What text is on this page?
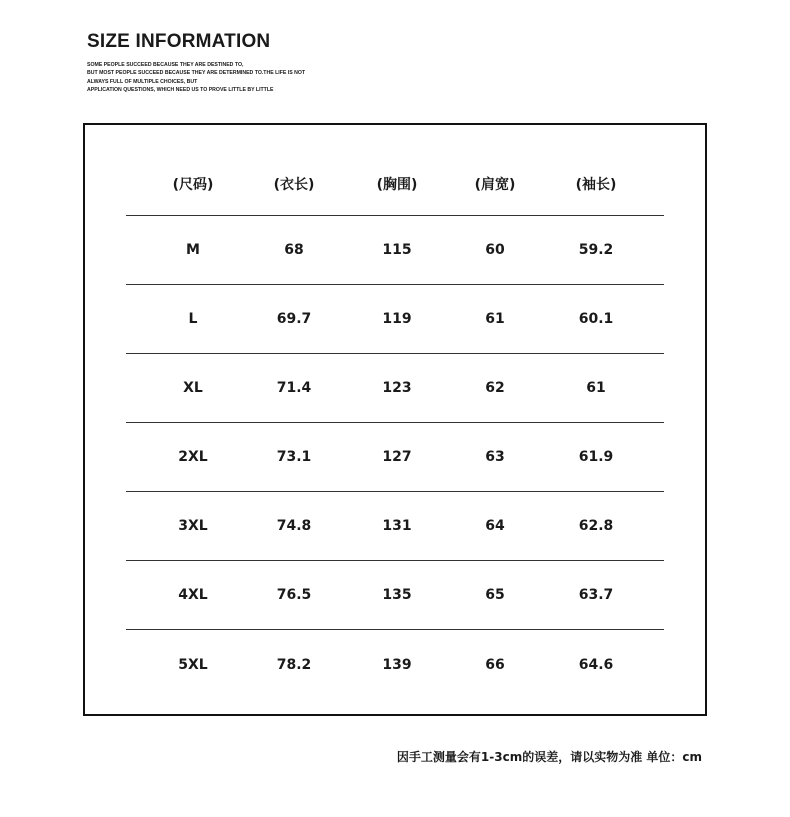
SIZE INFORMATION
SOME PEOPLE SUCCEED BECAUSE THEY ARE DESTINED TO,
BUT MOST PEOPLE SUCCEED BECAUSE THEY ARE DETERMINED TO.THE LIFE IS NOT
ALWAYS FULL OF MULTIPLE CHOICES, BUT
APPLICATION QUESTIONS, WHICH NEED US TO PROVE LITTLE BY LITTLE
(尺码)	(衣长)	(胸围)	(肩宽)	(袖长)
M	68	115	60	59.2
L	69.7	119	61	60.1
XL	71.4	123	62	61
2XL	73.1	127	63	61.9
3XL	74.8	131	64	62.8
4XL	76.5	135	65	63.7
5XL	78.2	139	66	64.6
因手工测量会有1-3cm的误差，请以实物为准 单位：cm
